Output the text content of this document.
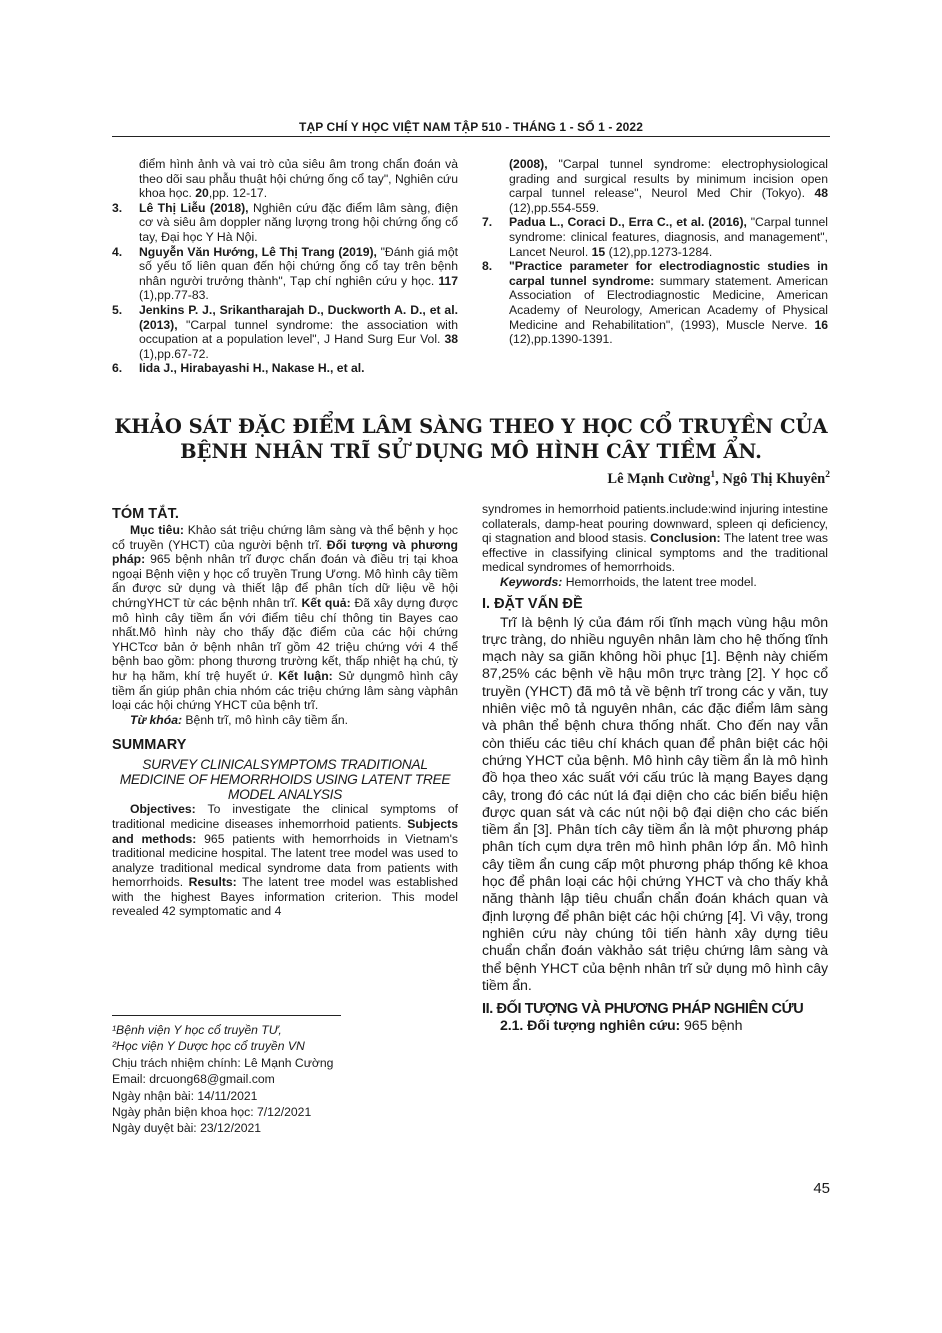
TẠP CHÍ Y HỌC VIỆT NAM TẬP 510 - THÁNG 1 - SỐ 1 - 2022
điểm hình ảnh và vai trò của siêu âm trong chẩn đoán và theo dõi sau phẫu thuật hội chứng ống cổ tay", Nghiên cứu khoa học. 20,pp. 12-17.
3. Lê Thị Liễu (2018), Nghiên cứu đặc điểm lâm sàng, điện cơ và siêu âm doppler năng lượng trong hội chứng ống cổ tay, Đại học Y Hà Nội.
4. Nguyễn Văn Hướng, Lê Thị Trang (2019), "Đánh giá một số yếu tố liên quan đến hội chứng ống cổ tay trên bệnh nhân người trưởng thành", Tạp chí nghiên cứu y học. 117 (1),pp.77-83.
5. Jenkins P. J., Srikantharajah D., Duckworth A. D., et al. (2013), "Carpal tunnel syndrome: the association with occupation at a population level", J Hand Surg Eur Vol. 38 (1),pp.67-72.
6. Iida J., Hirabayashi H., Nakase H., et al.
(2008), "Carpal tunnel syndrome: electrophysiological grading and surgical results by minimum incision open carpal tunnel release", Neurol Med Chir (Tokyo). 48 (12),pp.554-559.
7. Padua L., Coraci D., Erra C., et al. (2016), "Carpal tunnel syndrome: clinical features, diagnosis, and management", Lancet Neurol. 15 (12),pp.1273-1284.
8. "Practice parameter for electrodiagnostic studies in carpal tunnel syndrome: summary statement. American Association of Electrodiagnostic Medicine, American Academy of Neurology, American Academy of Physical Medicine and Rehabilitation", (1993), Muscle Nerve. 16 (12),pp.1390-1391.
KHẢO SÁT ĐẶC ĐIỂM LÂM SÀNG THEO Y HỌC CỔ TRUYỀN CỦA
BỆNH NHÂN TRĨ SỬ DỤNG MÔ HÌNH CÂY TIỀM ẨN.
Lê Mạnh Cường$^1$, Ngô Thị Khuyên$^2$
TÓM TẮT.
Mục tiêu: Khảo sát triệu chứng lâm sàng và thể bệnh y học cổ truyền (YHCT) của người bệnh trĩ. Đối tượng và phương pháp: 965 bệnh nhân trĩ được chẩn đoán và điều trị tại khoa ngoại Bệnh viện y học cổ truyền Trung Ương. Mô hình cây tiềm ẩn được sử dụng và thiết lập để phân tích dữ liệu về hội chứngYHCT từ các bệnh nhân trĩ. Kết quả: Đã xây dựng được mô hình cây tiềm ẩn với điểm tiêu chí thông tin Bayes cao nhất.Mô hình này cho thấy đặc điểm của các hội chứng YHCTcơ bản ở bệnh nhân trĩ gồm 42 triệu chứng với 4 thể bệnh bao gồm: phong thương trường kết, thấp nhiệt hạ chú, tỳ hư hạ hãm, khí trệ huyết ứ. Kết luận: Sử dụngmô hình cây tiềm ẩn giúp phân chia nhóm các triệu chứng lâm sàng vàphân loại các hội chứng YHCT của bệnh trĩ.
Từ khóa: Bệnh trĩ, mô hình cây tiềm ẩn.
SUMMARY
SURVEY CLINICALSYMPTOMS TRADITIONAL MEDICINE OF HEMORRHOIDS USING LATENT TREE MODEL ANALYSIS
Objectives: To investigate the clinical symptoms of traditional medicine diseases inhemorrhoid patients. Subjects and methods: 965 patients with hemorrhoids in Vietnam's traditional medicine hospital. The latent tree model was used to analyze traditional medical syndrome data from patients with hemorrhoids. Results: The latent tree model was established with the highest Bayes information criterion. This model revealed 42 symptomatic and 4
syndromes in hemorrhoid patients.include:wind injuring intestine collaterals, damp-heat pouring downward, spleen qi deficiency, qi stagnation and blood stasis. Conclusion: The latent tree was effective in classifying clinical symptoms and the traditional medical syndromes of hemorrhoids.
Keywords: Hemorrhoids, the latent tree model.
I. ĐẶT VẤN ĐỀ
Trĩ là bệnh lý của đám rối tĩnh mạch vùng hậu môn trực tràng, do nhiều nguyên nhân làm cho hệ thống tĩnh mạch này sa giãn không hồi phục [1]. Bệnh này chiếm 87,25% các bệnh về hậu môn trực tràng [2]. Y học cổ truyền (YHCT) đã mô tả về bệnh trĩ trong các y văn, tuy nhiên việc mô tả nguyên nhân, các đặc điểm lâm sàng và phân thể bệnh chưa thống nhất. Cho đến nay vẫn còn thiếu các tiêu chí khách quan để phân biệt các hội chứng YHCT của bệnh. Mô hình cây tiềm ẩn là mô hình đồ họa theo xác suất với cấu trúc là mạng Bayes dạng cây, trong đó các nút lá đại diện cho các biến biểu hiện được quan sát và các nút nội bộ đại diện cho các biến tiềm ẩn [3]. Phân tích cây tiềm ẩn là một phương pháp phân tích cụm dựa trên mô hình phân lớp ẩn. Mô hình cây tiềm ẩn cung cấp một phương pháp thống kê khoa học để phân loại các hội chứng YHCT và cho thấy khả năng thành lập tiêu chuẩn chẩn đoán khách quan và định lượng để phân biệt các hội chứng [4]. Vì vậy, trong nghiên cứu này chúng tôi tiến hành xây dựng tiêu chuẩn chẩn đoán vàkhảo sát triệu chứng lâm sàng và thể bệnh YHCT của bệnh nhân trĩ sử dụng mô hình cây tiềm ẩn.
II. ĐỐI TƯỢNG VÀ PHƯƠNG PHÁP NGHIÊN CỨU
2.1. Đối tượng nghiên cứu: 965 bệnh
¹Bệnh viện Y học cổ truyền TƯ,
²Học viện Y Dược học cổ truyền VN
Chịu trách nhiệm chính: Lê Mạnh Cường
Email: drcuong68@gmail.com
Ngày nhận bài: 14/11/2021
Ngày phản biện khoa học: 7/12/2021
Ngày duyệt bài: 23/12/2021
45
